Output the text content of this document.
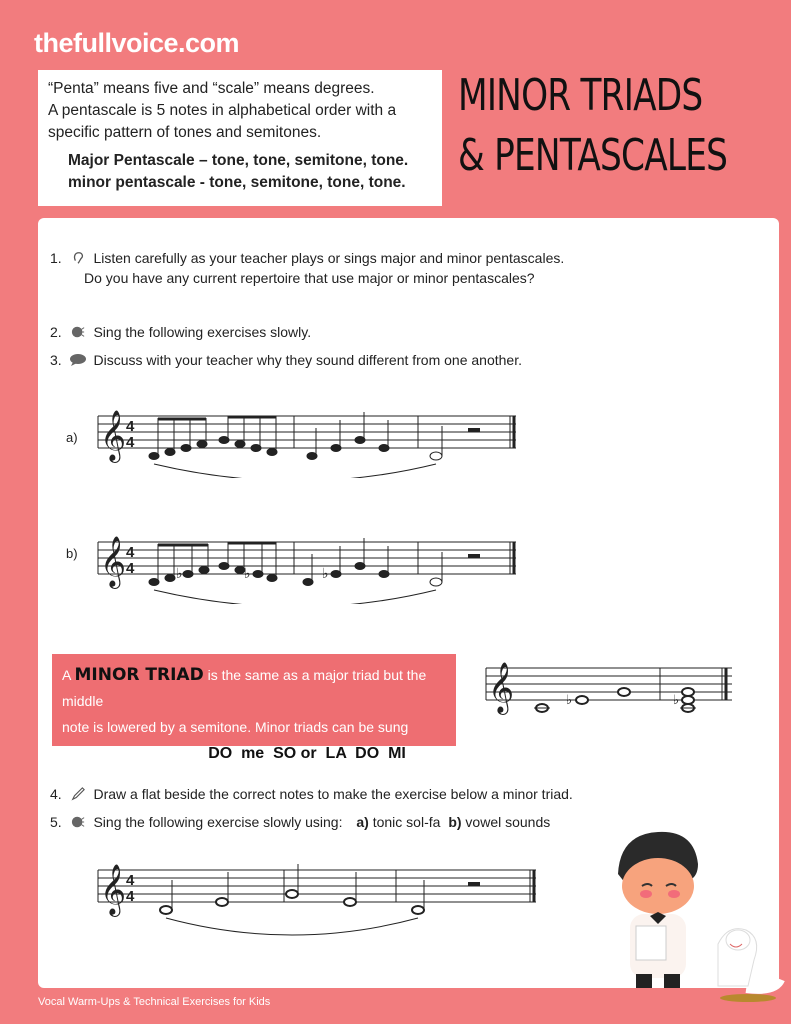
thefullvoice.com
“Penta” means five and “scale” means degrees.
A pentascale is 5 notes in alphabetical order with a
specific pattern of tones and semitones.
Major Pentascale – tone, tone, semitone, tone.
minor pentascale - tone, semitone, tone, tone.
MINOR TRIADS
& PENTASCALES
1. Listen carefully as your teacher plays or sings major and minor pentascales.
Do you have any current repertoire that use major or minor pentascales?
2. Sing the following exercises slowly.
3. Discuss with your teacher why they sound different from one another.
a) 𝄞 4
4
b) 𝄞 4
4	♭	♭	♭
A MINOR TRIAD is the same as a major triad but the middle
note is lowered by a semitone. Minor triads can be sung
using the tonic sol-fa: DO  me  SO or  LA  DO  MI
𝄞	♭	♭
4. Draw a flat beside the correct notes to make the exercise below a minor triad.
5. Sing the following exercise slowly using: a) tonic sol-fa b) vowel sounds
𝄞 4
4
Vocal Warm-Ups & Technical Exercises for Kids
